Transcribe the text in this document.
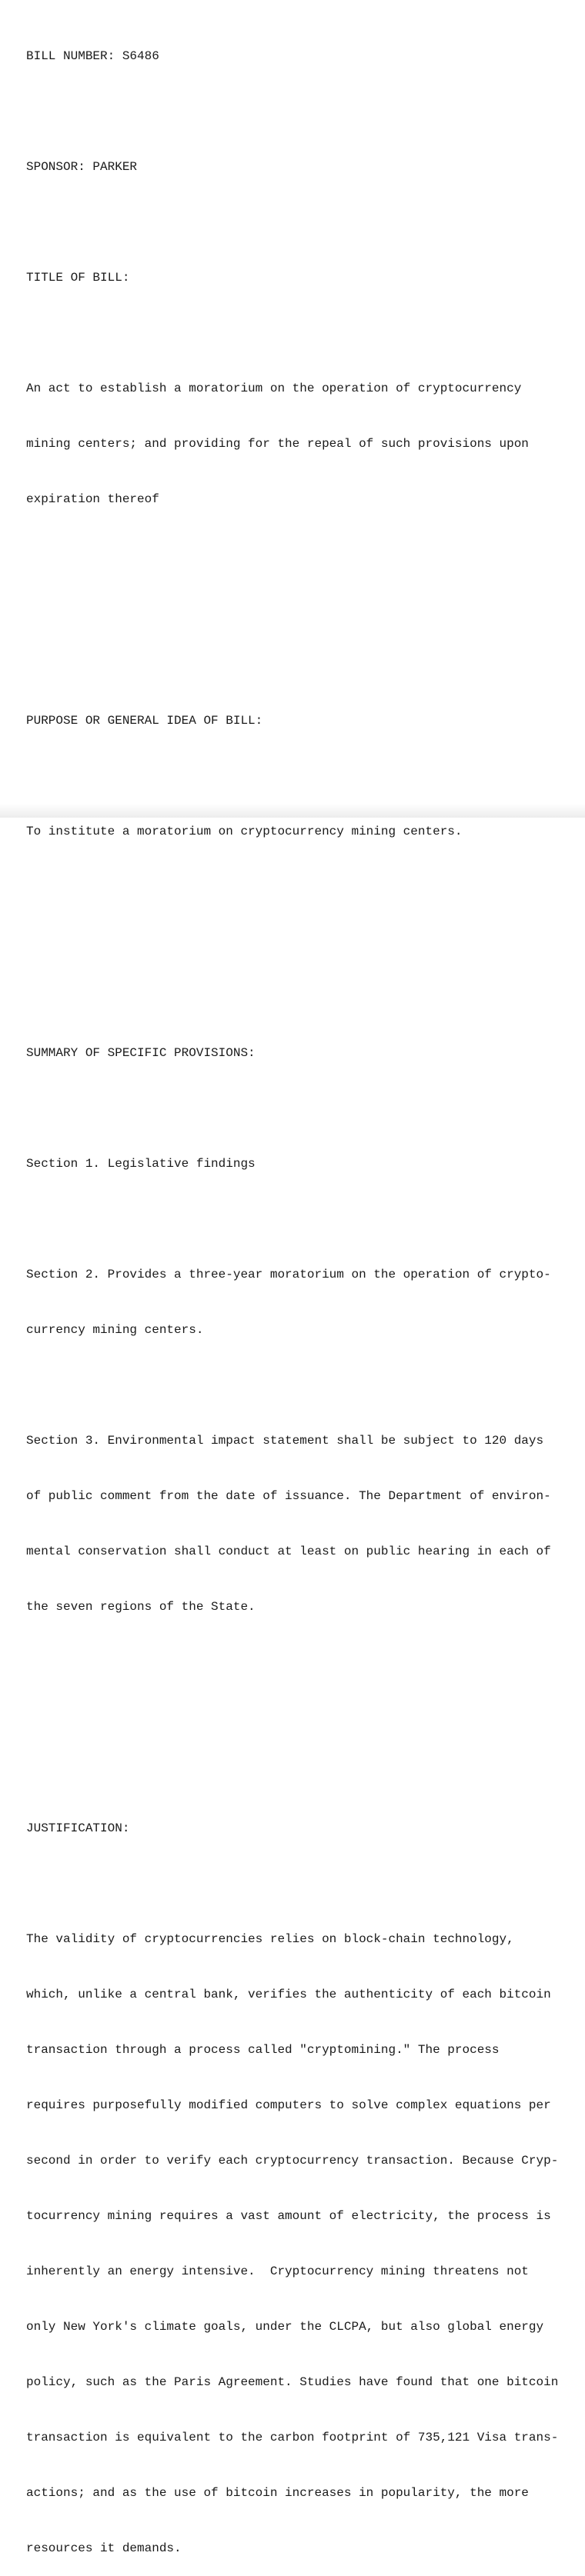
BILL NUMBER: S6486

SPONSOR: PARKER

TITLE OF BILL:

An act to establish a moratorium on the operation of cryptocurrency

mining centers; and providing for the repeal of such provisions upon

expiration thereof

PURPOSE OR GENERAL IDEA OF BILL:

To institute a moratorium on cryptocurrency mining centers.

SUMMARY OF SPECIFIC PROVISIONS:

Section 1. Legislative findings

Section 2. Provides a three-year moratorium on the operation of crypto-

currency mining centers.

Section 3. Environmental impact statement shall be subject to 120 days

of public comment from the date of issuance. The Department of environ-

mental conservation shall conduct at least on public hearing in each of

the seven regions of the State.

JUSTIFICATION:

The validity of cryptocurrencies relies on block-chain technology,

which, unlike a central bank, verifies the authenticity of each bitcoin

transaction through a process called "cryptomining." The process

requires purposefully modified computers to solve complex equations per

second in order to verify each cryptocurrency transaction. Because Cryp-

tocurrency mining requires a vast amount of electricity, the process is

inherently an energy intensive.  Cryptocurrency mining threatens not

only New York's climate goals, under the CLCPA, but also global energy

policy, such as the Paris Agreement. Studies have found that one bitcoin

transaction is equivalent to the carbon footprint of 735,121 Visa trans-

actions; and as the use of bitcoin increases in popularity, the more

resources it demands.
